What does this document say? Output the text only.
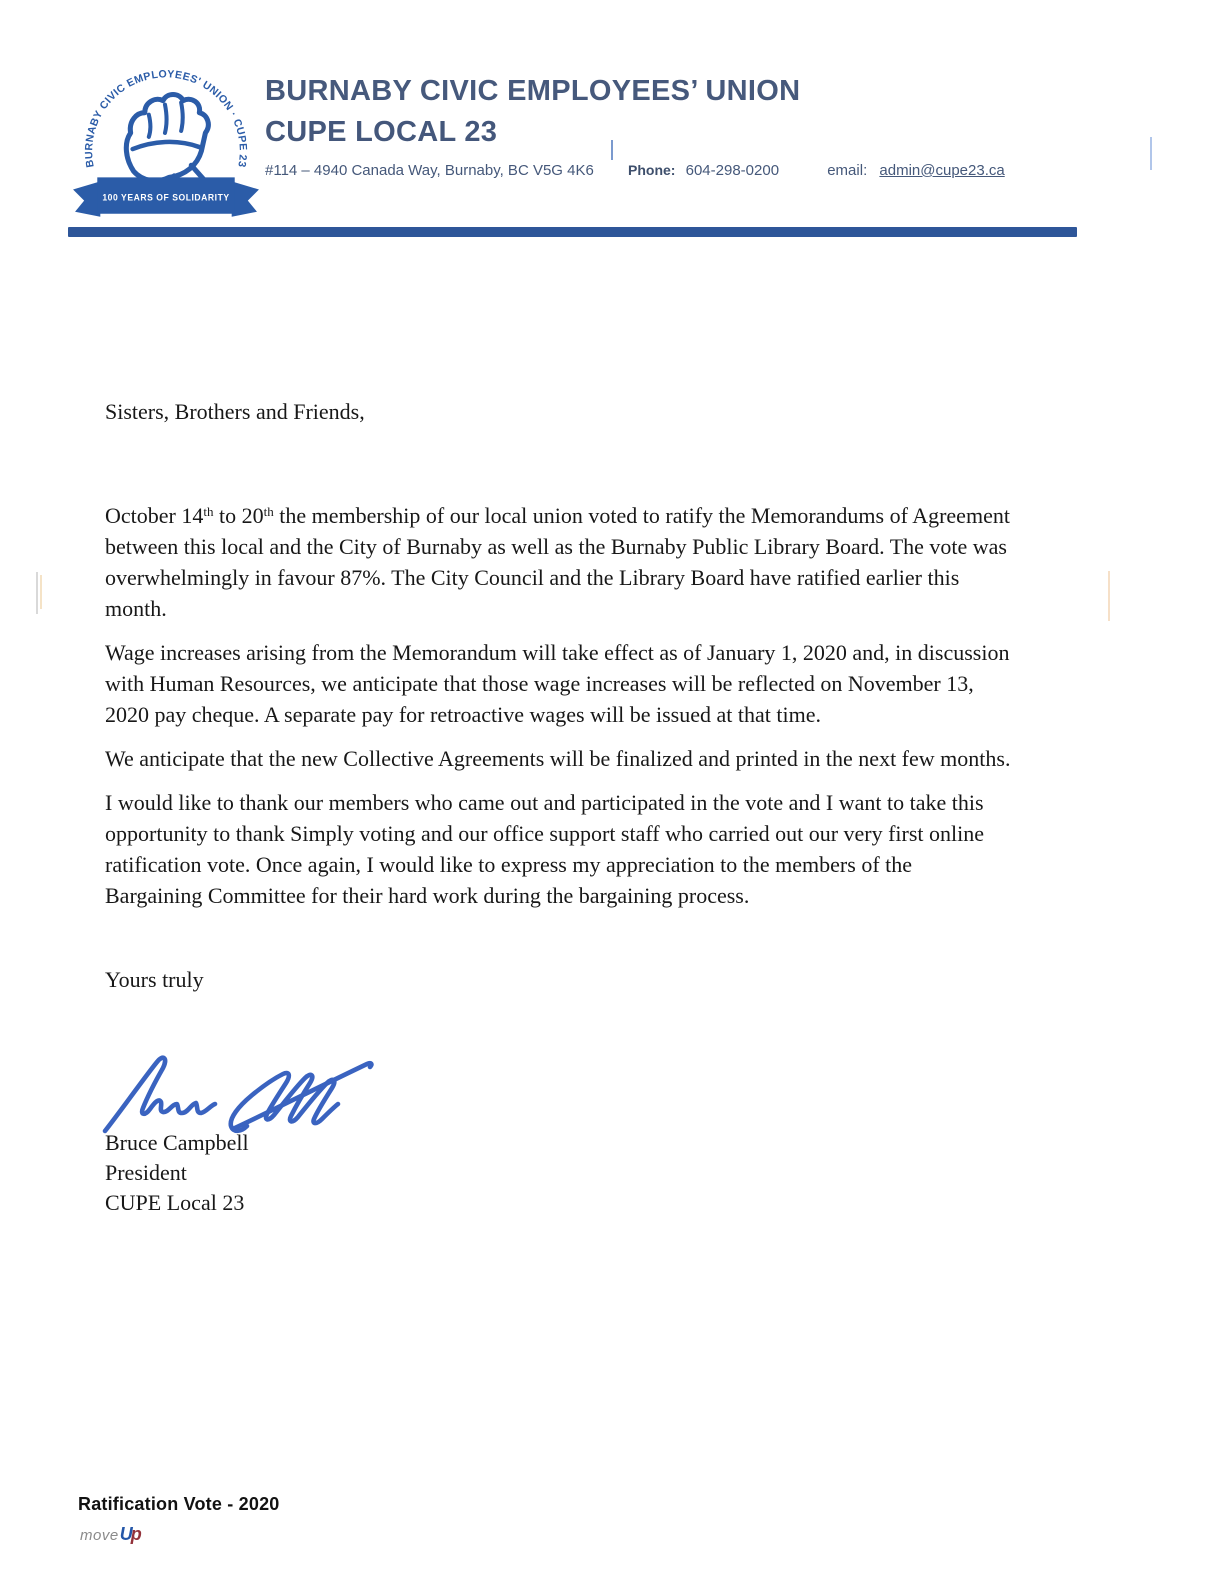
BURNABY CIVIC EMPLOYEES' UNION · CUPE 23
100 YEARS OF SOLIDARITY
BURNABY CIVIC EMPLOYEES’ UNION
CUPE LOCAL 23
#114 – 4940 Canada Way, Burnaby, BC V5G 4K6 Phone: 604-298-0200	email: admin@cupe23.ca

Sisters, Brothers and Friends,

October 14th to 20th the membership of our local union voted to ratify the Memorandums of Agreement between this local and the City of Burnaby as well as the Burnaby Public Library Board. The vote was overwhelmingly in favour 87%. The City Council and the Library Board have ratified earlier this month.

Wage increases arising from the Memorandum will take effect as of January 1, 2020 and, in discussion with Human Resources, we anticipate that those wage increases will be reflected on November 13, 2020 pay cheque. A separate pay for retroactive wages will be issued at that time.

We anticipate that the new Collective Agreements will be finalized and printed in the next few months.

I would like to thank our members who came out and participated in the vote and I want to take this opportunity to thank Simply voting and our office support staff who carried out our very first online ratification vote. Once again, I would like to express my appreciation to the members of the Bargaining Committee for their hard work during the bargaining process.

Yours truly

Bruce Campbell
President
CUPE Local 23
Ratification Vote - 2020
moveUp
